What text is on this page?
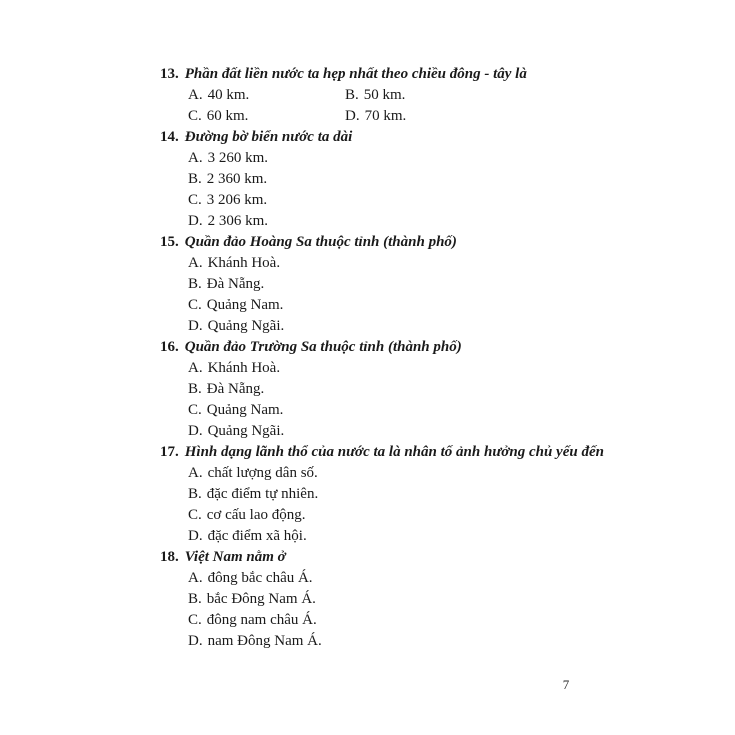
13. Phần đất liền nước ta hẹp nhất theo chiều đông - tây là
A. 40 km.	B. 50 km.
C. 60 km.	D. 70 km.
14. Đường bờ biển nước ta dài
A. 3 260 km.
B. 2 360 km.
C. 3 206 km.
D. 2 306 km.
15. Quần đảo Hoàng Sa thuộc tỉnh (thành phố)
A. Khánh Hoà.
B. Đà Nẵng.
C. Quảng Nam.
D. Quảng Ngãi.
16. Quần đảo Trường Sa thuộc tỉnh (thành phố)
A. Khánh Hoà.
B. Đà Nẵng.
C. Quảng Nam.
D. Quảng Ngãi.
17. Hình dạng lãnh thổ của nước ta là nhân tố ảnh hưởng chủ yếu đến
A. chất lượng dân số.
B. đặc điểm tự nhiên.
C. cơ cấu lao động.
D. đặc điểm xã hội.
18. Việt Nam nằm ở
A. đông bắc châu Á.
B. bắc Đông Nam Á.
C. đông nam châu Á.
D. nam Đông Nam Á.
7
